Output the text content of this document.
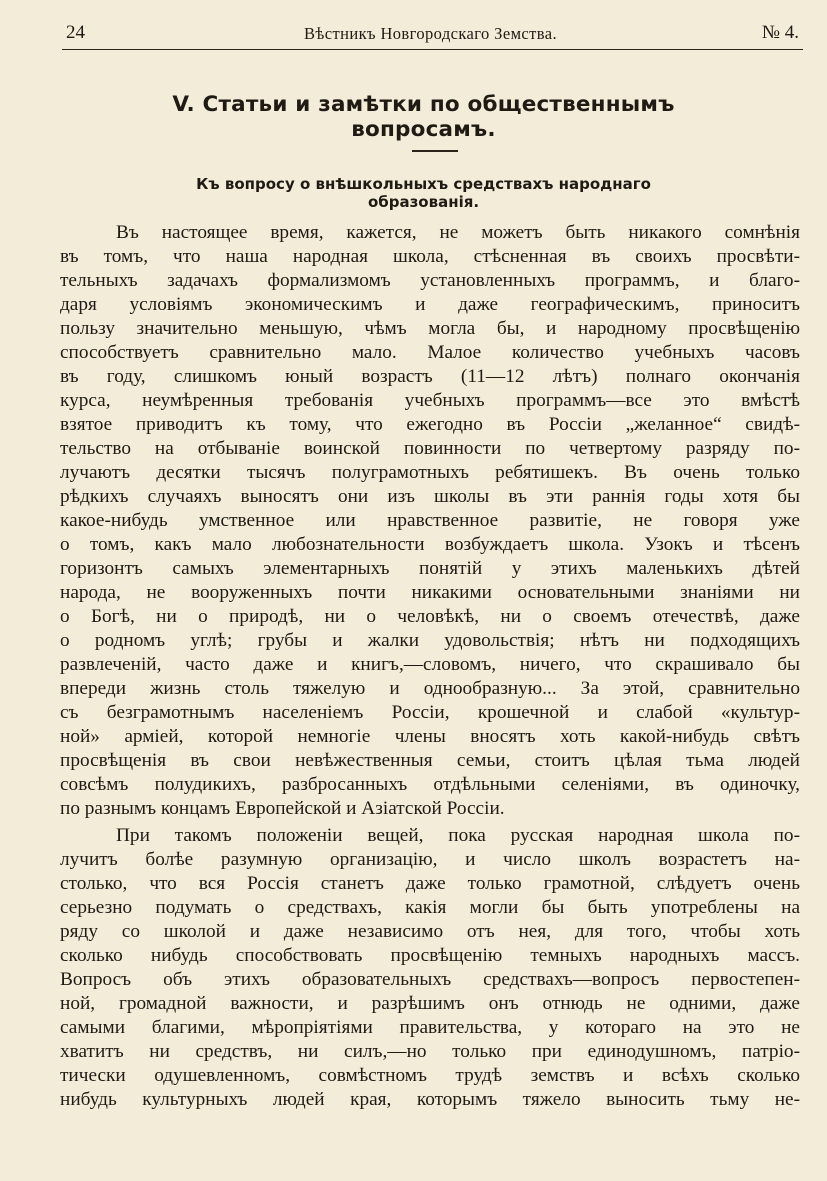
24	Вѣстникъ Новгородскаго Земства.	№ 4.
V. Статьи и замѣтки по общественнымъ вопросамъ.
Къ вопросу о внѣшкольныхъ средствахъ народнаго образованія.
Въ настоящее время, кажется, не можетъ быть никакого сомнѣнія
въ томъ, что наша народная школа, стѣсненная въ своихъ просвѣти-
тельныхъ задачахъ формализмомъ установленныхъ программъ, и благо-
даря условіямъ экономическимъ и даже географическимъ, приноситъ
пользу значительно меньшую, чѣмъ могла бы, и народному просвѣщенію
способствуетъ сравнительно мало. Малое количество учебныхъ часовъ
въ году, слишкомъ юный возрастъ (11—12 лѣтъ) полнаго окончанія
курса, неумѣренныя требованія учебныхъ программъ—все это вмѣстѣ
взятое приводитъ къ тому, что ежегодно въ Россіи „желанное“ свидѣ-
тельство на отбываніе воинской повинности по четвертому разряду по-
лучаютъ десятки тысячъ полуграмотныхъ ребятишекъ. Въ очень только
рѣдкихъ случаяхъ выносятъ они изъ школы въ эти раннія годы хотя бы
какое-нибудь умственное или нравственное развитіе, не говоря уже
о томъ, какъ мало любознательности возбуждаетъ школа. Узокъ и тѣсенъ
горизонтъ самыхъ элементарныхъ понятій у этихъ маленькихъ дѣтей
народа, не вооруженныхъ почти никакими основательными знаніями ни
о Богѣ, ни о природѣ, ни о человѣкѣ, ни о своемъ отечествѣ, даже
о родномъ углѣ; грубы и жалки удовольствія; нѣтъ ни подходящихъ
развлеченій, часто даже и книгъ,—словомъ, ничего, что скрашивало бы
впереди жизнь столь тяжелую и однообразную... За этой, сравнительно
съ безграмотнымъ населеніемъ Россіи, крошечной и слабой «культур-
ной» арміей, которой немногіе члены вносятъ хоть какой-нибудь свѣтъ
просвѣщенія въ свои невѣжественныя семьи, стоитъ цѣлая тьма людей
совсѣмъ полудикихъ, разбросанныхъ отдѣльными селеніями, въ одиночку,
по разнымъ концамъ Европейской и Азіатской Россіи.
При такомъ положеніи вещей, пока русская народная школа по-
лучитъ болѣе разумную организацію, и число школъ возрастетъ на-
столько, что вся Россія станетъ даже только грамотной, слѣдуетъ очень
серьезно подумать о средствахъ, какія могли бы быть употреблены на
ряду со школой и даже независимо отъ нея, для того, чтобы хоть
сколько нибудь способствовать просвѣщенію темныхъ народныхъ массъ.
Вопросъ объ этихъ образовательныхъ средствахъ—вопросъ первостепен-
ной, громадной важности, и разрѣшимъ онъ отнюдь не одними, даже
самыми благими, мѣропріятіями правительства, у котораго на это не
хватитъ ни средствъ, ни силъ,—но только при единодушномъ, патріо-
тически одушевленномъ, совмѣстномъ трудѣ земствъ и всѣхъ сколько
нибудь культурныхъ людей края, которымъ тяжело выносить тьму не-
